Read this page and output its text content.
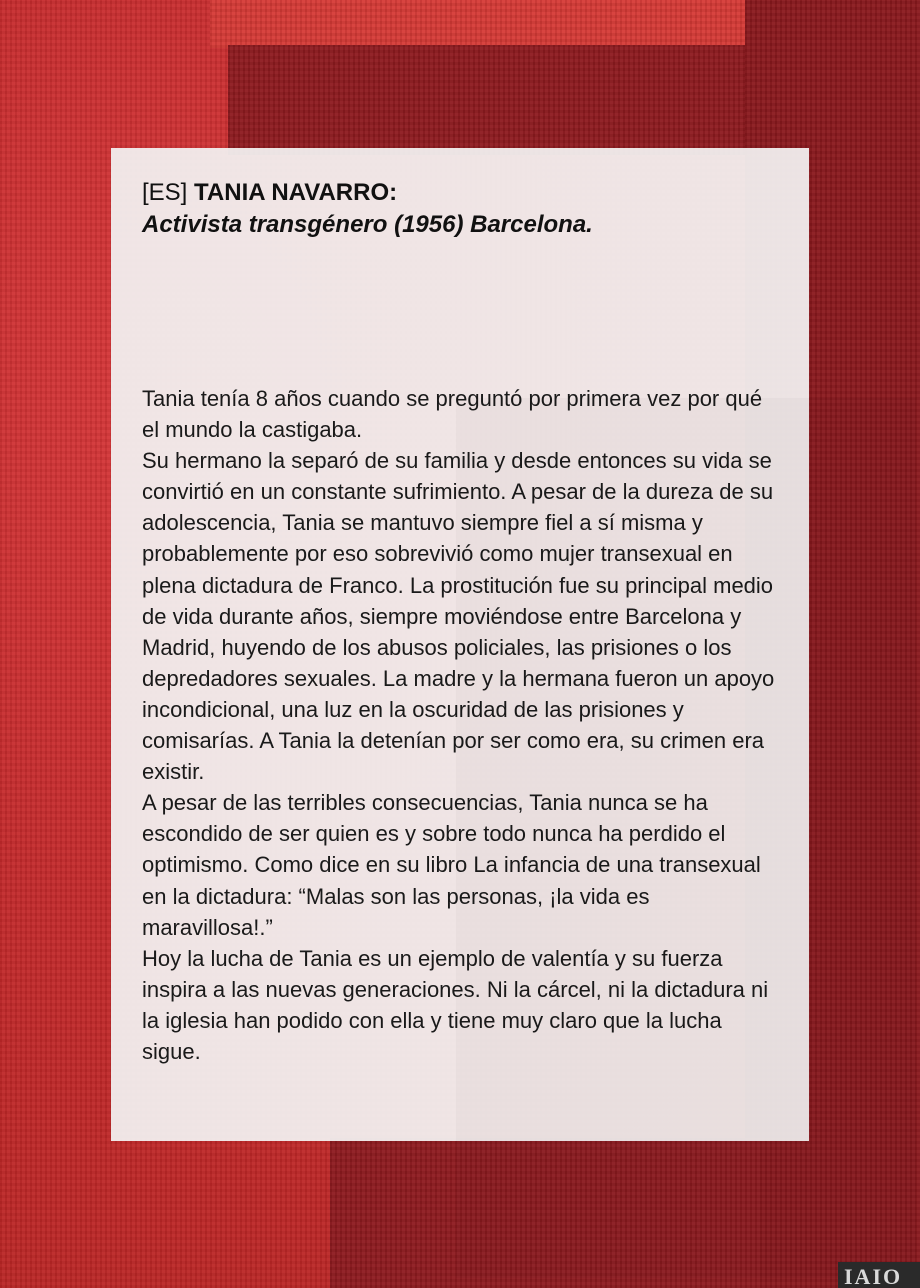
[ES] TANIA NAVARRO:
Activista transgénero (1956) Barcelona.

Tania tenía 8 años cuando se preguntó por primera vez por qué el mundo la castigaba.

Su hermano la separó de su familia y desde entonces su vida se convirtió en un constante sufrimiento. A pesar de la dureza de su adolescencia, Tania se mantuvo siempre fiel a sí misma y probablemente por eso sobrevivió como mujer transexual en plena dictadura de Franco. La prostitución fue su principal medio de vida durante años, siempre moviéndose entre Barcelona y Madrid, huyendo de los abusos policiales, las prisiones o los depredadores sexuales. La madre y la hermana fueron un apoyo incondicional, una luz en la oscuridad de las prisiones y comisarías. A Tania la detenían por ser como era, su crimen era existir.

A pesar de las terribles consecuencias, Tania nunca se ha escondido de ser quien es y sobre todo nunca ha perdido el optimismo. Como dice en su libro La infancia de una transexual en la dictadura: “Malas son las personas, ¡la vida es maravillosa!.”

Hoy la lucha de Tania es un ejemplo de valentía y su fuerza inspira a las nuevas generaciones. Ni la cárcel, ni la dictadura ni la iglesia han podido con ella y tiene muy claro que la lucha sigue.

IAIO
